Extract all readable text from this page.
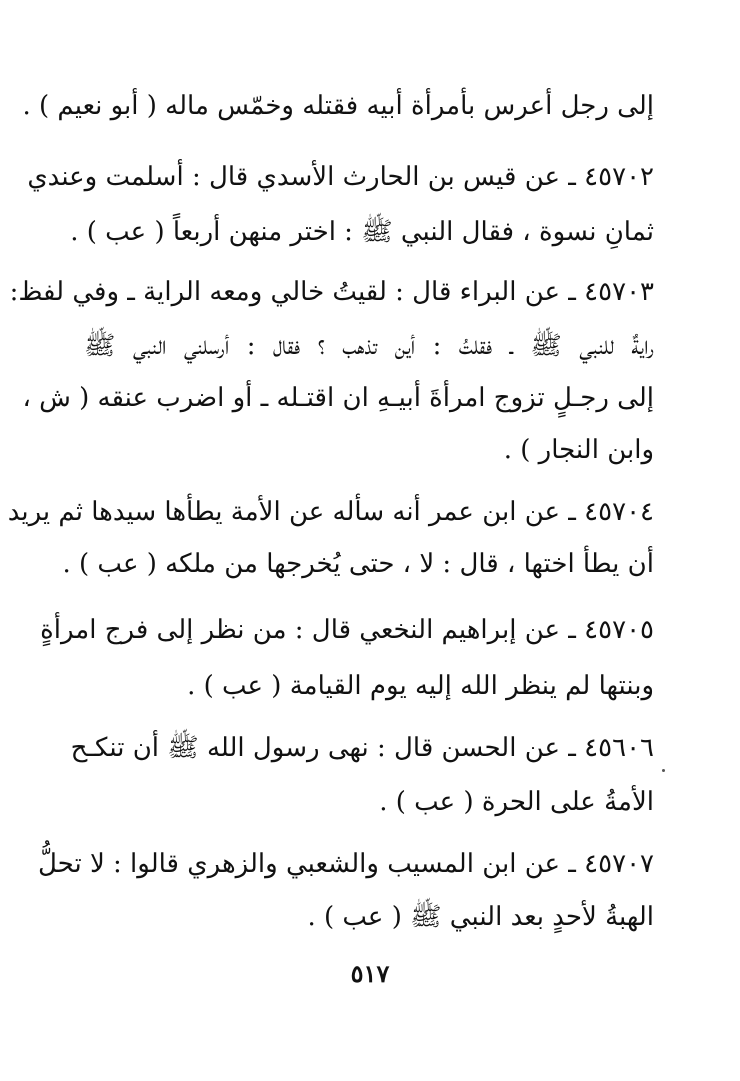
إلى رجل أعرس بأمرأة أبيه فقتله وخمّس ماله ( أبو نعيم ) .
٤٥٧٠٢ ـ عن قيس بن الحارث الأسدي قال : أسلمت وعندي
ثمانِ نسوة ، فقال النبي ﷺ : اختر منهن أربعاً ( عب ) .
٤٥٧٠٣ ـ عن البراء قال : لقيتُ خالي ومعه الراية ـ وفي لفظ:
رايةٌ للنبي ﷺ ـ فقلتُ : أين تذهب ؟ فقال : أرسلني النبي ﷺ
إلى رجـلٍ تزوج امرأةَ أبيـهِ ان اقتـله ـ أو اضرب عنقه ( ش ،
وابن النجار ) .
٤٥٧٠٤ ـ عن ابن عمر أنه سأله عن الأمة يطأها سيدها ثم يريد
أن يطأ اختها ، قال : لا ، حتى يُخرجها من ملكه ( عب ) .
٤٥٧٠٥ ـ عن إبراهيم النخعي قال : من نظر إلى فرج امرأةٍ
وبنتها لم ينظر الله إليه يوم القيامة ( عب ) .
٤٥٦٠٦ ـ عن الحسن قال : نهى رسول الله ﷺ أن تنكـح
الأمةُ على الحرة ( عب ) .
٤٥٧٠٧ ـ عن ابن المسيب والشعبي والزهري قالوا : لا تحلُّ
الهبةُ لأحدٍ بعد النبي ﷺ ( عب ) .
٥١٧
